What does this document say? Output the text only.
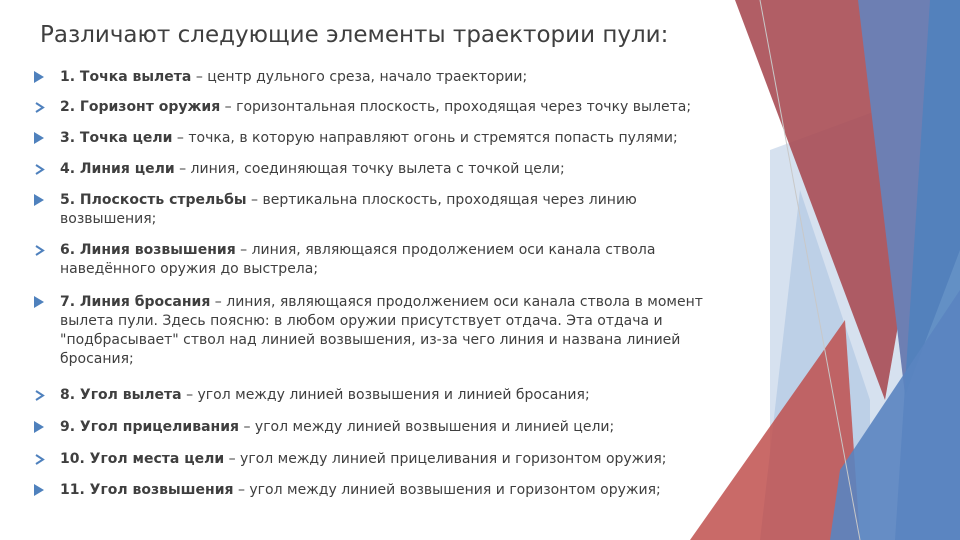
Различают следующие элементы траектории пули:
1. Точка вылета – центр дульного среза, начало траектории;
2. Горизонт оружия – горизонтальная плоскость, проходящая через точку вылета;
3. Точка цели – точка, в которую направляют огонь и стремятся попасть пулями;
4. Линия цели – линия, соединяющая точку вылета с точкой цели;
5. Плоскость стрельбы – вертикальна плоскость, проходящая через линию возвышения;
6. Линия возвышения – линия, являющаяся продолжением оси канала ствола наведённого оружия до выстрела;
7. Линия бросания – линия, являющаяся продолжением оси канала ствола в момент вылета пули. Здесь поясню: в любом оружии присутствует отдача. Эта отдача и "подбрасывает" ствол над линией возвышения, из-за чего линия и названа линией бросания;
8. Угол вылета – угол между линией возвышения и линией бросания;
9. Угол прицеливания – угол между линией возвышения и линией цели;
10. Угол места цели – угол между линией прицеливания и горизонтом оружия;
11. Угол возвышения – угол между линией возвышения и горизонтом оружия;
